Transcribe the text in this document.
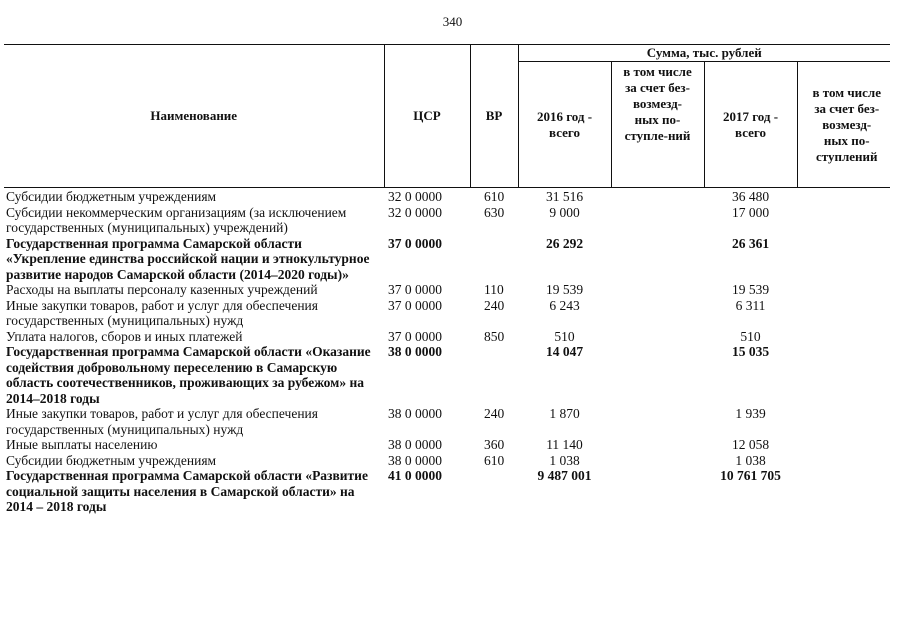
340
Наименование	ЦСР	ВР	Сумма, тыс. рублей			
			2016 год - всего	в том числе за счет без-возмезд-ных по-ступле-ний	2017 год - всего	в том числе за счет без-возмезд-ных по-ступлений
Субсидии бюджетным учреждениям	32 0 0000	610	31 516		36 480	
Субсидии некоммерческим организациям (за исключением государственных (муниципальных) учреждений)	32 0 0000	630	9 000		17 000	
Государственная программа Самарской области «Укрепление единства российской нации и этнокультурное развитие народов Самарской области (2014–2020 годы)»	37 0 0000		26 292		26 361	
Расходы на выплаты персоналу казенных учреждений	37 0 0000	110	19 539		19 539	
Иные закупки товаров, работ и услуг для обеспечения государственных (муниципальных) нужд	37 0 0000	240	6 243		6 311	
Уплата налогов, сборов и иных платежей	37 0 0000	850	510		510	
Государственная программа Самарской области «Оказание содействия добровольному переселению в Самарскую область соотечественников, проживающих за рубежом» на 2014–2018 годы	38 0 0000		14 047		15 035	
Иные закупки товаров, работ и услуг для обеспечения государственных (муниципальных) нужд	38 0 0000	240	1 870		1 939	
Иные выплаты населению	38 0 0000	360	11 140		12 058	
Субсидии бюджетным учреждениям	38 0 0000	610	1 038		1 038	
Государственная программа Самарской области «Развитие социальной защиты населения в Самарской области» на 2014 – 2018 годы	41 0 0000		9 487 001		10 761 705	
